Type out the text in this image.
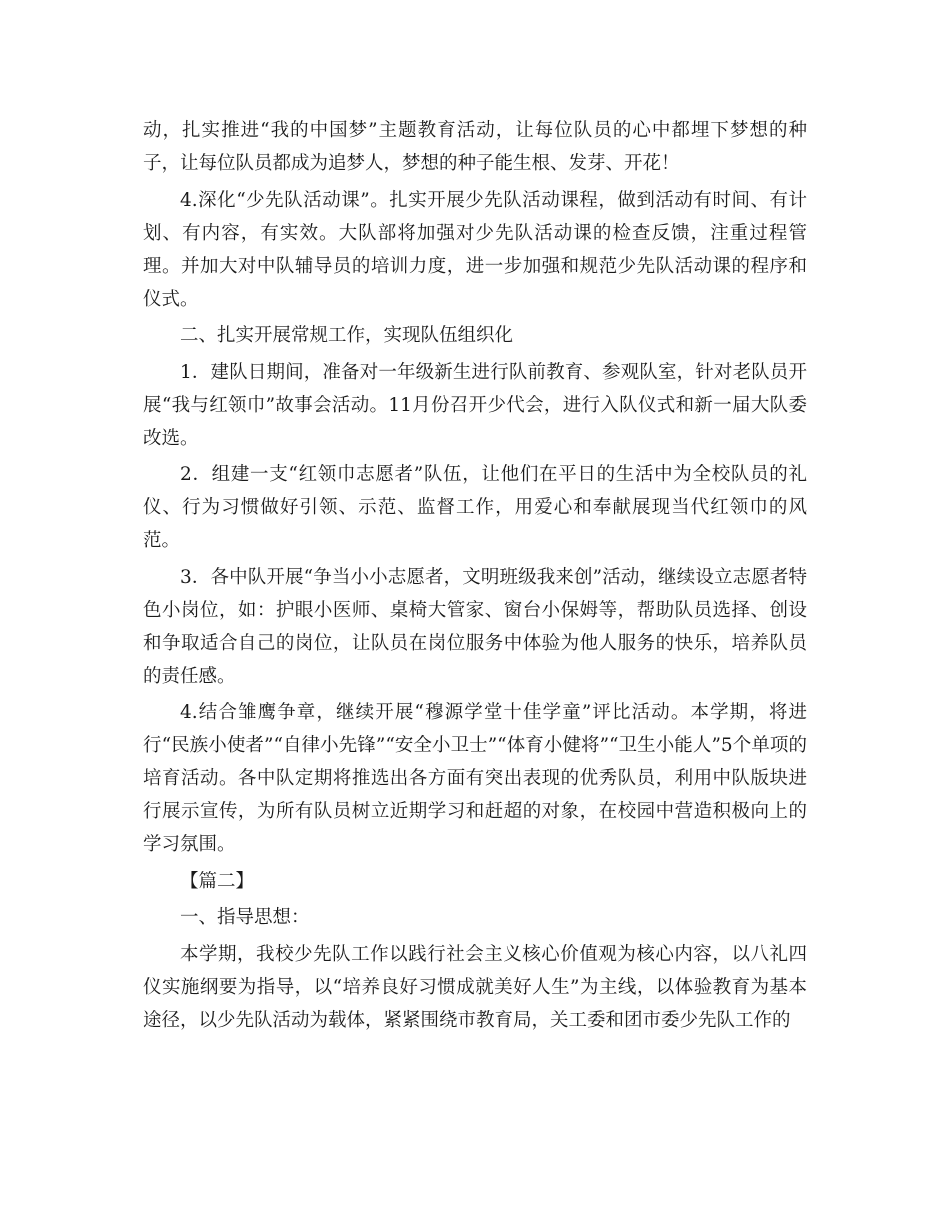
动，扎实推进“我的中国梦”主题教育活动，让每位队员的心中都埋下梦想的种子，让每位队员都成为追梦人，梦想的种子能生根、发芽、开花！

4.深化“少先队活动课”。扎实开展少先队活动课程，做到活动有时间、有计划、有内容，有实效。大队部将加强对少先队活动课的检查反馈，注重过程管理。并加大对中队辅导员的培训力度，进一步加强和规范少先队活动课的程序和仪式。

二、扎实开展常规工作，实现队伍组织化

1．建队日期间，准备对一年级新生进行队前教育、参观队室，针对老队员开展“我与红领巾”故事会活动。11月份召开少代会，进行入队仪式和新一届大队委改选。

2．组建一支“红领巾志愿者”队伍，让他们在平日的生活中为全校队员的礼仪、行为习惯做好引领、示范、监督工作，用爱心和奉献展现当代红领巾的风范。

3．各中队开展“争当小小志愿者，文明班级我来创”活动，继续设立志愿者特色小岗位，如：护眼小医师、桌椅大管家、窗台小保姆等，帮助队员选择、创设和争取适合自己的岗位，让队员在岗位服务中体验为他人服务的快乐，培养队员的责任感。

4.结合雏鹰争章，继续开展“穆源学堂十佳学童”评比活动。本学期，将进行“民族小使者”“自律小先锋”“安全小卫士”“体育小健将”“卫生小能人”5个单项的培育活动。各中队定期将推选出各方面有突出表现的优秀队员，利用中队版块进行展示宣传，为所有队员树立近期学习和赶超的对象，在校园中营造积极向上的学习氛围。

【篇二】

一、指导思想：

本学期，我校少先队工作以践行社会主义核心价值观为核心内容，以八礼四仪实施纲要为指导，以“培养良好习惯成就美好人生”为主线，以体验教育为基本途径，以少先队活动为载体，紧紧围绕市教育局，关工委和团市委少先队工作的
